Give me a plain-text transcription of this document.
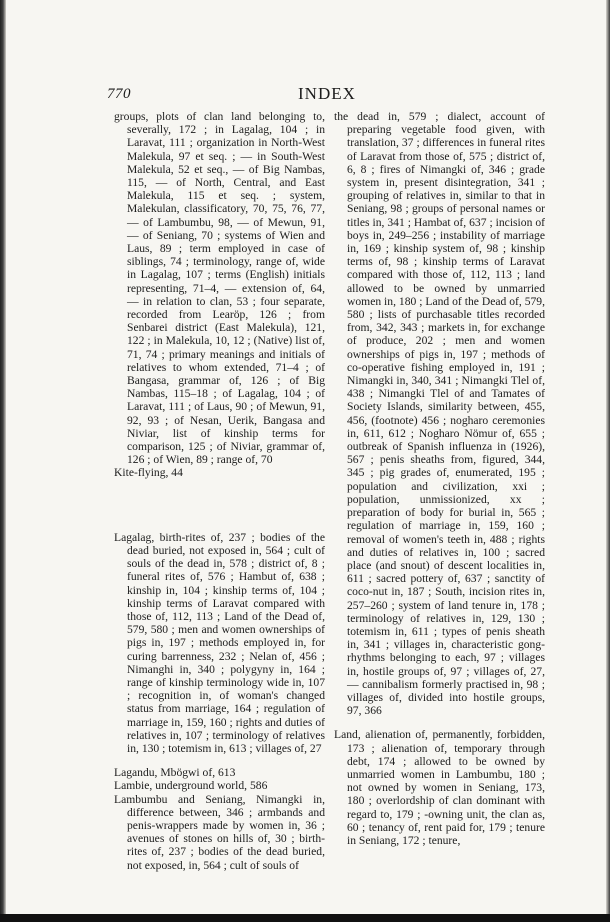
770	INDEX

groups, plots of clan land belonging to, severally, 172 ; in Lagalag, 104 ; in Laravat, 111 ; organization in North-West Malekula, 97 et seq. ; — in South-West Malekula, 52 et seq., — of Big Nambas, 115, — of North, Central, and East Malekula, 115 et seq. ; system, Malekulan, classificatory, 70, 75, 76, 77, — of Lambumbu, 98, — of Mewun, 91, — of Seniang, 70 ; systems of Wien and Laus, 89 ; term employed in case of siblings, 74 ; terminology, range of, wide in Lagalag, 107 ; terms (English) initials representing, 71–4, — extension of, 64, — in relation to clan, 53 ; four separate, recorded from Learöp, 126 ; from Senbarei district (East Malekula), 121, 122 ; in Malekula, 10, 12 ; (Native) list of, 71, 74 ; primary meanings and initials of relatives to whom extended, 71–4 ; of Bangasa, grammar of, 126 ; of Big Nambas, 115–18 ; of Lagalag, 104 ; of Laravat, 111 ; of Laus, 90 ; of Mewun, 91, 92, 93 ; of Nesan, Uerik, Bangasa and Niviar, list of kinship terms for comparison, 125 ; of Niviar, grammar of, 126 ; of Wien, 89 ; range of, 70

Kite-flying, 44

Lagalag, birth-rites of, 237 ; bodies of the dead buried, not exposed in, 564 ; cult of souls of the dead in, 578 ; district of, 8 ; funeral rites of, 576 ; Hambut of, 638 ; kinship in, 104 ; kinship terms of, 104 ; kinship terms of Laravat compared with those of, 112, 113 ; Land of the Dead of, 579, 580 ; men and women ownerships of pigs in, 197 ; methods employed in, for curing barrenness, 232 ; Nelan of, 456 ; Nimanghi in, 340 ; polygyny in, 164 ; range of kinship terminology wide in, 107 ; recognition in, of woman's changed status from marriage, 164 ; regulation of marriage in, 159, 160 ; rights and duties of relatives in, 107 ; terminology of relatives in, 130 ; totemism in, 613 ; villages of, 27

Lagandu, Mbögwi of, 613

Lambie, underground world, 586

Lambumbu and Seniang, Nimangki in, difference between, 346 ; armbands and penis-wrappers made by women in, 36 ; avenues of stones on hills of, 30 ; birth-rites of, 237 ; bodies of the dead buried, not exposed, in, 564 ; cult of souls of

the dead in, 579 ; dialect, account of preparing vegetable food given, with translation, 37 ; differences in funeral rites of Laravat from those of, 575 ; district of, 6, 8 ; fires of Nimangki of, 346 ; grade system in, present disintegration, 341 ; grouping of relatives in, similar to that in Seniang, 98 ; groups of personal names or titles in, 341 ; Hambat of, 637 ; incision of boys in, 249–256 ; instability of marriage in, 169 ; kinship system of, 98 ; kinship terms of, 98 ; kinship terms of Laravat compared with those of, 112, 113 ; land allowed to be owned by unmarried women in, 180 ; Land of the Dead of, 579, 580 ; lists of purchasable titles recorded from, 342, 343 ; markets in, for exchange of produce, 202 ; men and women ownerships of pigs in, 197 ; methods of co-operative fishing employed in, 191 ; Nimangki in, 340, 341 ; Nimangki Tlel of, 438 ; Nimangki Tlel of and Tamates of Society Islands, similarity between, 455, 456, (footnote) 456 ; nogharo ceremonies in, 611, 612 ; Nogharo Nömur of, 655 ; outbreak of Spanish influenza in (1926), 567 ; penis sheaths from, figured, 344, 345 ; pig grades of, enumerated, 195 ; population and civilization, xxi ; population, unmissionized, xx ; preparation of body for burial in, 565 ; regulation of marriage in, 159, 160 ; removal of women's teeth in, 488 ; rights and duties of relatives in, 100 ; sacred place (and snout) of descent localities in, 611 ; sacred pottery of, 637 ; sanctity of coco-nut in, 187 ; South, incision rites in, 257–260 ; system of land tenure in, 178 ; terminology of relatives in, 129, 130 ; totemism in, 611 ; types of penis sheath in, 341 ; villages in, characteristic gong-rhythms belonging to each, 97 ; villages in, hostile groups of, 97 ; villages of, 27, — cannibalism formerly practised in, 98 ; villages of, divided into hostile groups, 97, 366

Land, alienation of, permanently, forbidden, 173 ; alienation of, temporary through debt, 174 ; allowed to be owned by unmarried women in Lambumbu, 180 ; not owned by women in Seniang, 173, 180 ; overlordship of clan dominant with regard to, 179 ; -owning unit, the clan as, 60 ; tenancy of, rent paid for, 179 ; tenure in Seniang, 172 ; tenure,
